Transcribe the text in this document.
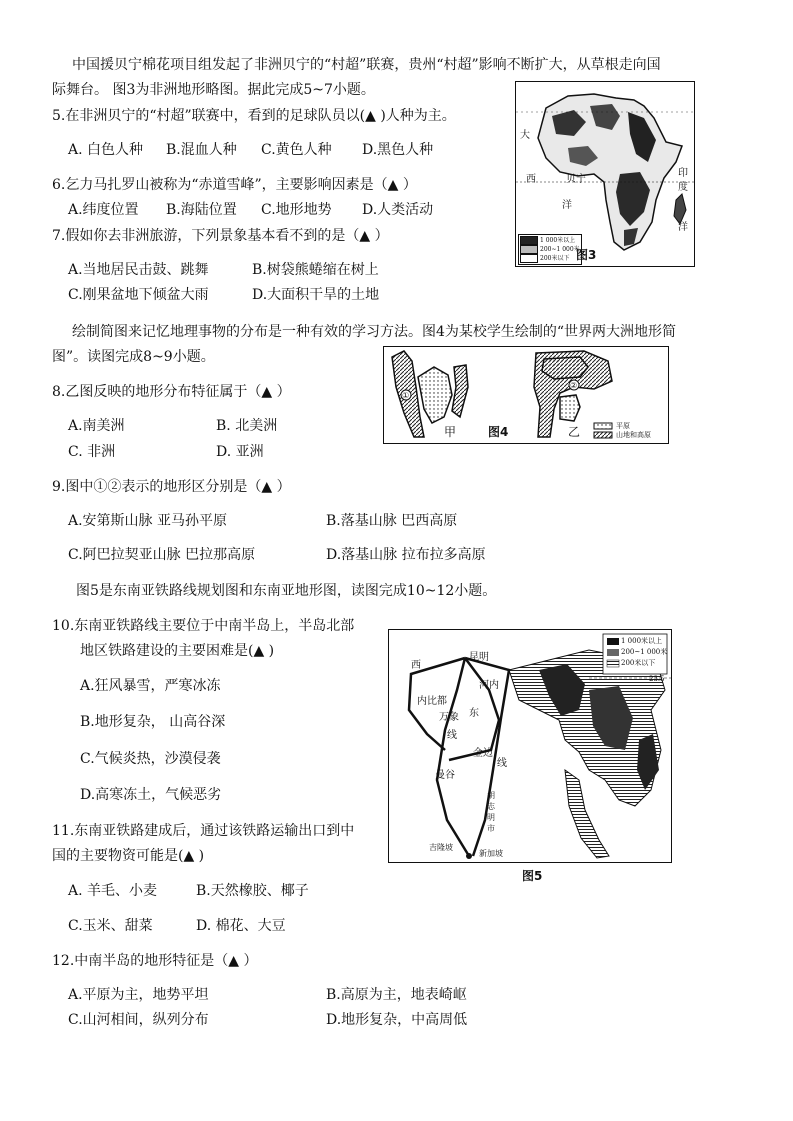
中国援贝宁棉花项目组发起了非洲贝宁的“村超”联赛，贵州“村超”影响不断扩大，从草根走向国
际舞台。 图3为非洲地形略图。据此完成5~7小题。
5.在非洲贝宁的“村超”联赛中，看到的足球队员以(▲ )人种为主。
A. 白色人种 B.混血人种 C.黄色人种 D.黑色人种
6.乞力马扎罗山被称为“赤道雪峰”，主要影响因素是（▲ ）
A.纬度位置 B.海陆位置 C.地形地势 D.人类活动
7.假如你去非洲旅游，下列景象基本看不到的是（▲ ）
A.当地居民击鼓、跳舞	B.树袋熊蜷缩在树上
C.刚果盆地下倾盆大雨	D.大面积干旱的土地
大
西	贝宁
洋
印
度
洋
1 000米以上
200~1 000米
200米以下 图3
绘制简图来记忆地理事物的分布是一种有效的学习方法。图4为某校学生绘制的“世界两大洲地形简
图”。读图完成8~9小题。
8.乙图反映的地形分布特征属于（▲ ）
A.南美洲	B. 北美洲
C. 非洲	D. 亚洲
①
②
甲	乙
图4	平原
山地和高原
9.图中①②表示的地形区分别是（▲ ）
A.安第斯山脉 亚马孙平原	B.落基山脉 巴西高原
C.阿巴拉契亚山脉 巴拉那高原	D.落基山脉 拉布拉多高原
图5是东南亚铁路线规划图和东南亚地形图，读图完成10~12小题。
10.东南亚铁路线主要位于中南半岛上，半岛北部
地区铁路建设的主要困难是(▲ )
A.狂风暴雪，严寒冰冻
B.地形复杂， 山高谷深
C.气候炎热，沙漠侵袭
D.高寒冻土，气候恶劣
1 000米以上
200~1 000米
200米以下
23.5
西
昆明
河内
内比都
万象 东
线
金边
线
曼谷
胡志明市
吉隆坡
新加坡
图5
11.东南亚铁路建成后，通过该铁路运输出口到中
国的主要物资可能是(▲ )
A. 羊毛、小麦	B.天然橡胶、椰子
C.玉米、甜菜	D. 棉花、大豆
12.中南半岛的地形特征是（▲ ）
A.平原为主，地势平坦	B.高原为主，地表崎岖
C.山河相间，纵列分布	D.地形复杂，中高周低
